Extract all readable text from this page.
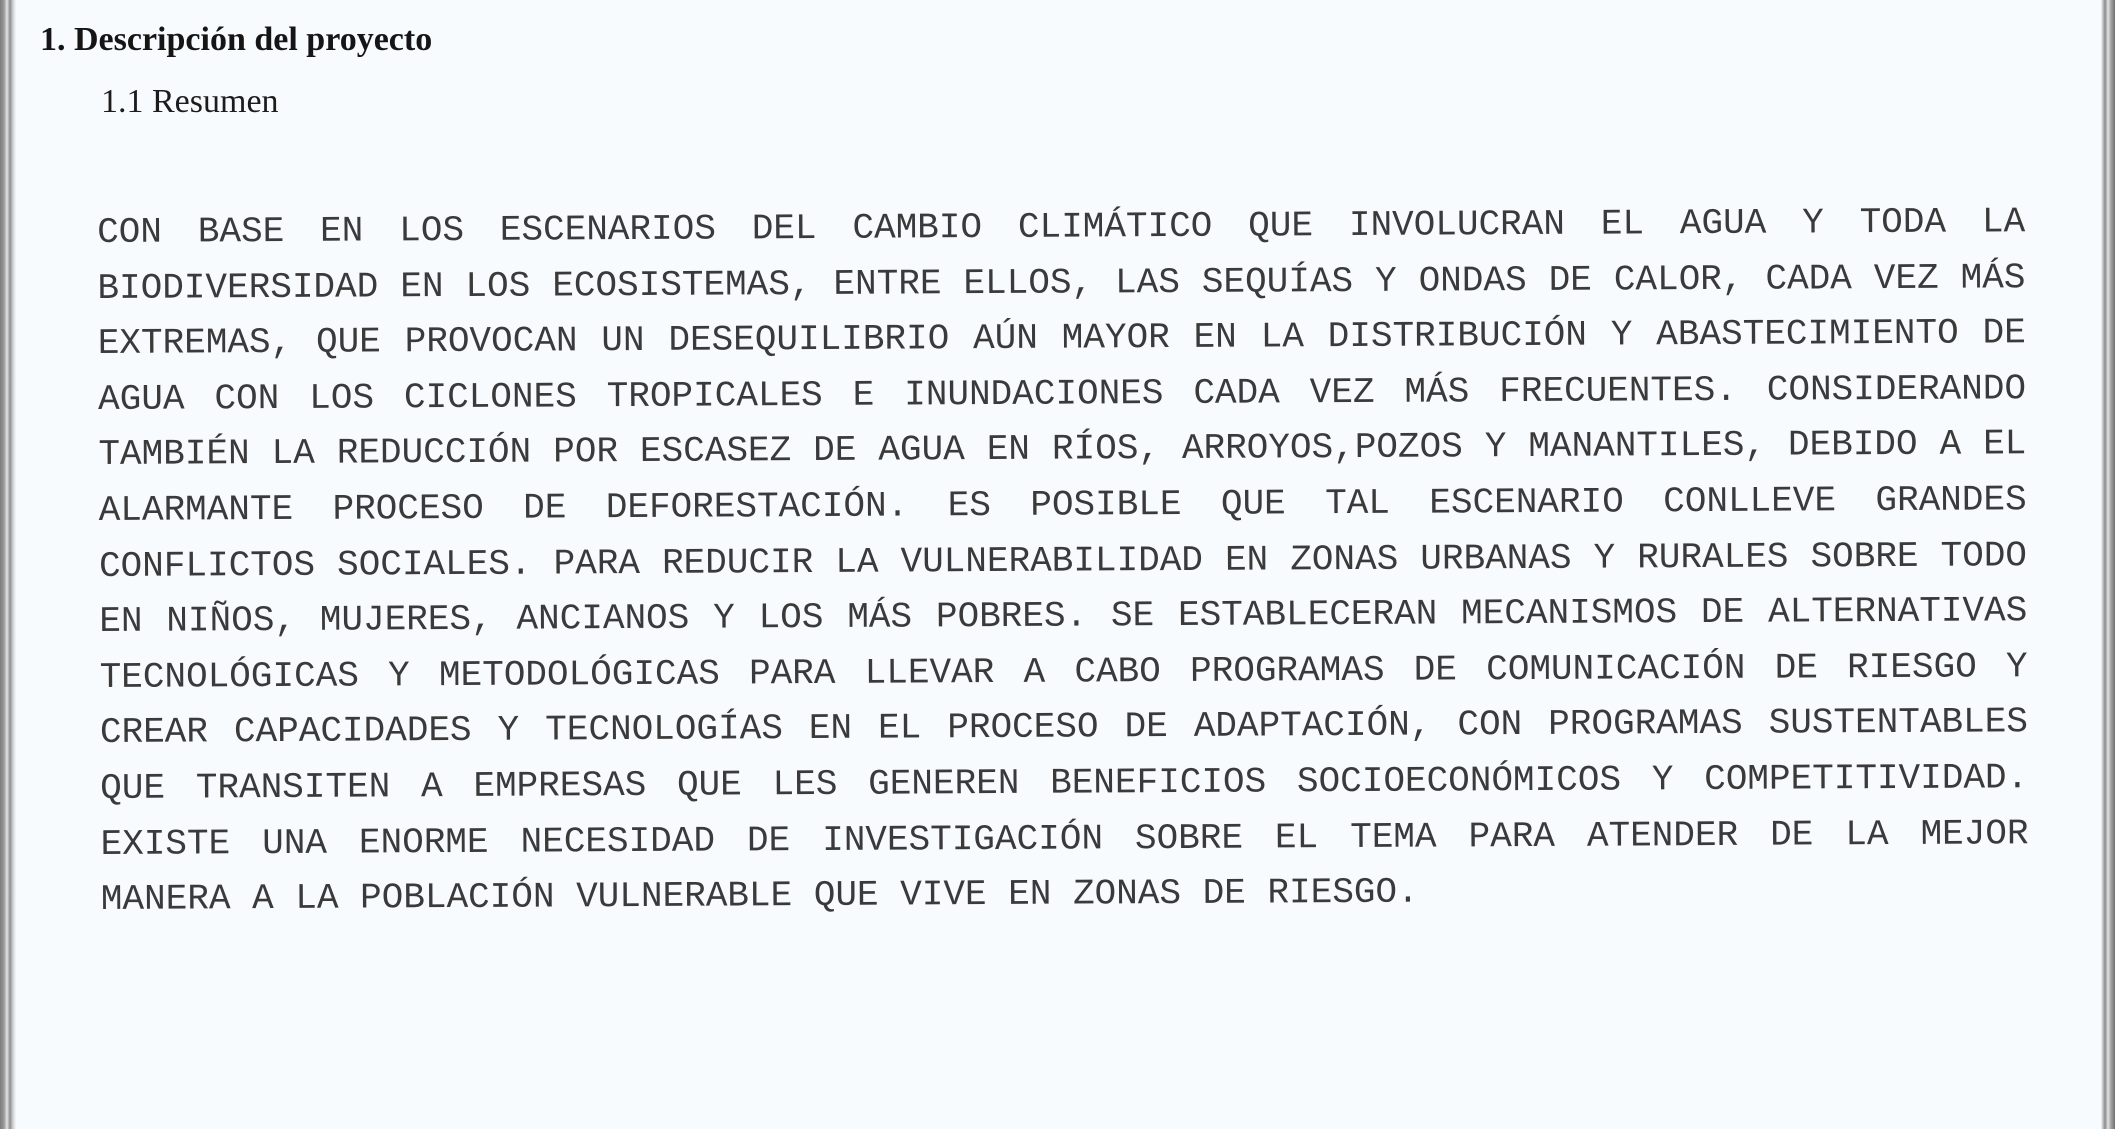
1. Descripción del proyecto
1.1 Resumen

CON BASE EN LOS ESCENARIOS DEL CAMBIO CLIMÁTICO QUE INVOLUCRAN EL AGUA Y TODA LA BIODIVERSIDAD EN LOS ECOSISTEMAS, ENTRE ELLOS, LAS SEQUÍAS Y ONDAS DE CALOR, CADA VEZ MÁS EXTREMAS, QUE PROVOCAN UN DESEQUILIBRIO AÚN MAYOR EN LA DISTRIBUCIÓN Y ABASTECIMIENTO DE AGUA CON LOS CICLONES TROPICALES E INUNDACIONES CADA VEZ MÁS FRECUENTES. CONSIDERANDO TAMBIÉN LA REDUCCIÓN POR ESCASEZ DE AGUA EN RÍOS, ARROYOS,POZOS Y MANANTILES, DEBIDO A EL ALARMANTE PROCESO DE DEFORESTACIÓN. ES POSIBLE QUE TAL ESCENARIO CONLLEVE GRANDES CONFLICTOS SOCIALES. PARA REDUCIR LA VULNERABILIDAD EN ZONAS URBANAS Y RURALES SOBRE TODO EN NIÑOS, MUJERES, ANCIANOS Y LOS MÁS POBRES. SE ESTABLECERAN MECANISMOS DE ALTERNATIVAS TECNOLÓGICAS Y METODOLÓGICAS PARA LLEVAR A CABO PROGRAMAS DE COMUNICACIÓN DE RIESGO Y CREAR CAPACIDADES Y TECNOLOGÍAS EN EL PROCESO DE ADAPTACIÓN, CON PROGRAMAS SUSTENTABLES QUE TRANSITEN A EMPRESAS QUE LES GENEREN BENEFICIOS SOCIOECONÓMICOS Y COMPETITIVIDAD. EXISTE UNA ENORME NECESIDAD DE INVESTIGACIÓN SOBRE EL TEMA PARA ATENDER DE LA MEJOR MANERA A LA POBLACIÓN VULNERABLE QUE VIVE EN ZONAS DE RIESGO.
